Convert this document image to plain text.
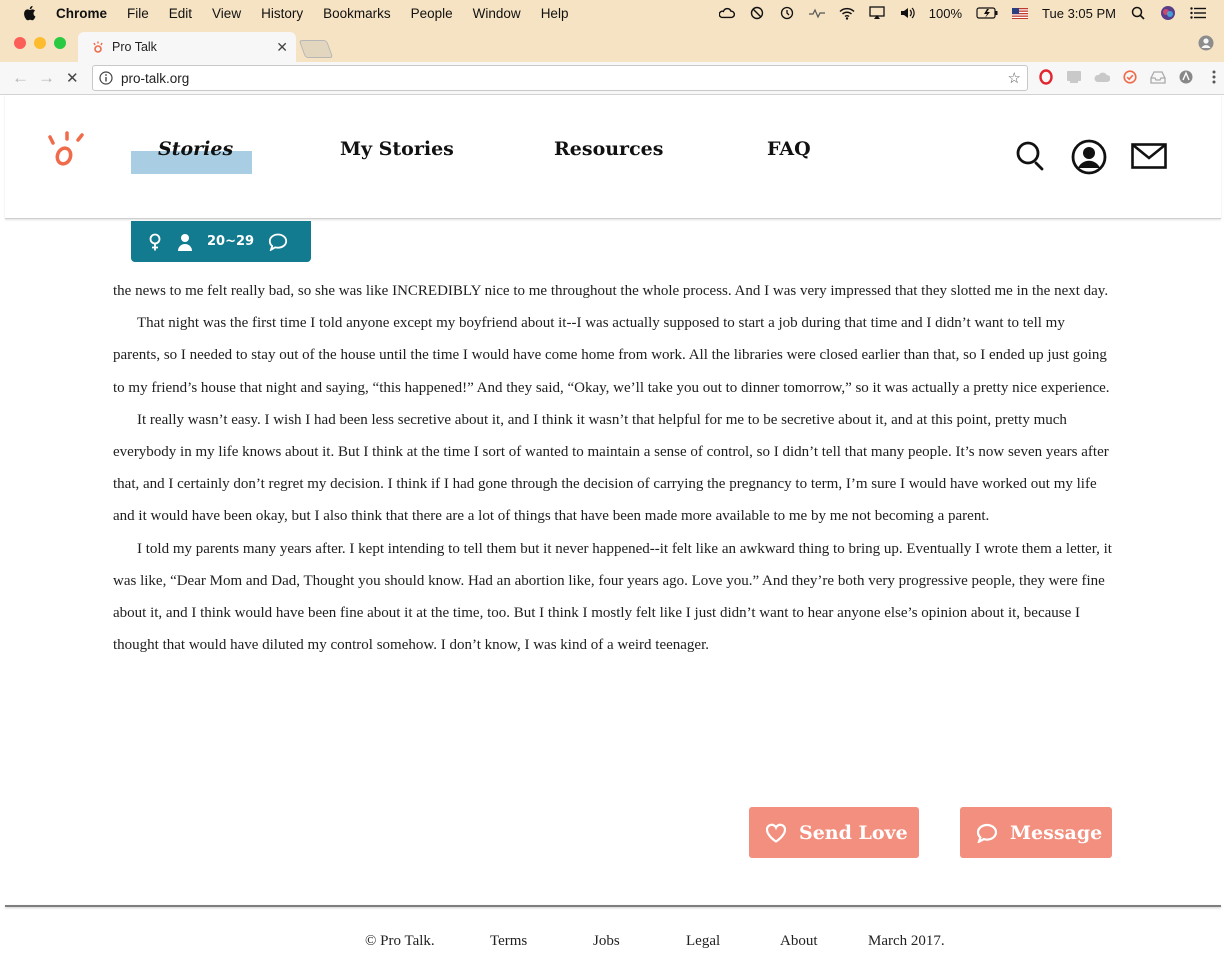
Chrome File Edit View History Bookmarks People Window Help	100%	Tue 3:05 PM
Pro Talk	✕
← → ✕	pro-talk.org	☆
Stories	My Stories	Resources	FAQ
20~29

the news to me felt really bad, so she was like INCREDIBLY nice to me throughout the whole process. And I was very impressed that they slotted me in the next day.

That night was the first time I told anyone except my boyfriend about it--I was actually supposed to start a job during that time and I didn’t want to tell my parents, so I needed to stay out of the house until the time I would have come home from work. All the libraries were closed earlier than that, so I ended up just going to my friend’s house that night and saying, “this happened!” And they said, “Okay, we’ll take you out to dinner tomorrow,” so it was actually a pretty nice experience.

It really wasn’t easy. I wish I had been less secretive about it, and I think it wasn’t that helpful for me to be secretive about it, and at this point, pretty much everybody in my life knows about it. But I think at the time I sort of wanted to maintain a sense of control, so I didn’t tell that many people. It’s now seven years after that, and I certainly don’t regret my decision. I think if I had gone through the decision of carrying the pregnancy to term, I’m sure I would have worked out my life and it would have been okay, but I also think that there are a lot of things that have been made more available to me by me not becoming a parent.

I told my parents many years after. I kept intending to tell them but it never happened--it felt like an awkward thing to bring up. Eventually I wrote them a letter, it was like, “Dear Mom and Dad, Thought you should know. Had an abortion like, four years ago. Love you.” And they’re both very progressive people, they were fine about it, and I think would have been fine about it at the time, too. But I think I mostly felt like I just didn’t want to hear anyone else’s opinion about it, because I thought that would have diluted my control somehow. I don’t know, I was kind of a weird teenager.

Send Love	Message
© Pro Talk.	Terms	Jobs	Legal	About	March 2017.
